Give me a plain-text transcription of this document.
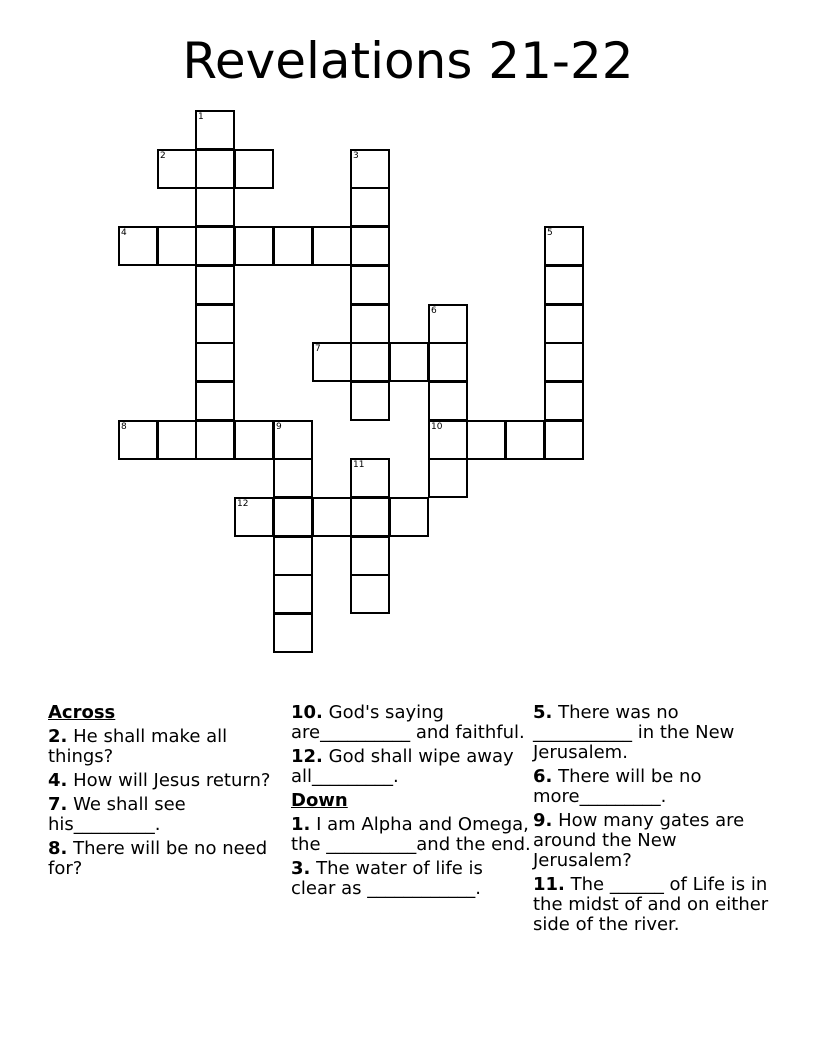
Revelations 21-22
1
2	3
4	5
6
7
8	9	10
11
12
Across
2. He shall make all things?
4. How will Jesus return?
7. We shall see his_________.
8. There will be no need for?
10. God's saying are__________ and faithful.
12. God shall wipe away all_________.
Down
1. I am Alpha and Omega, the __________and the end.
3. The water of life is clear as ____________.
5. There was no ___________ in the New Jerusalem.
6. There will be no more_________.
9. How many gates are around the New Jerusalem?
11. The ______ of Life is in the midst of and on either side of the river.
